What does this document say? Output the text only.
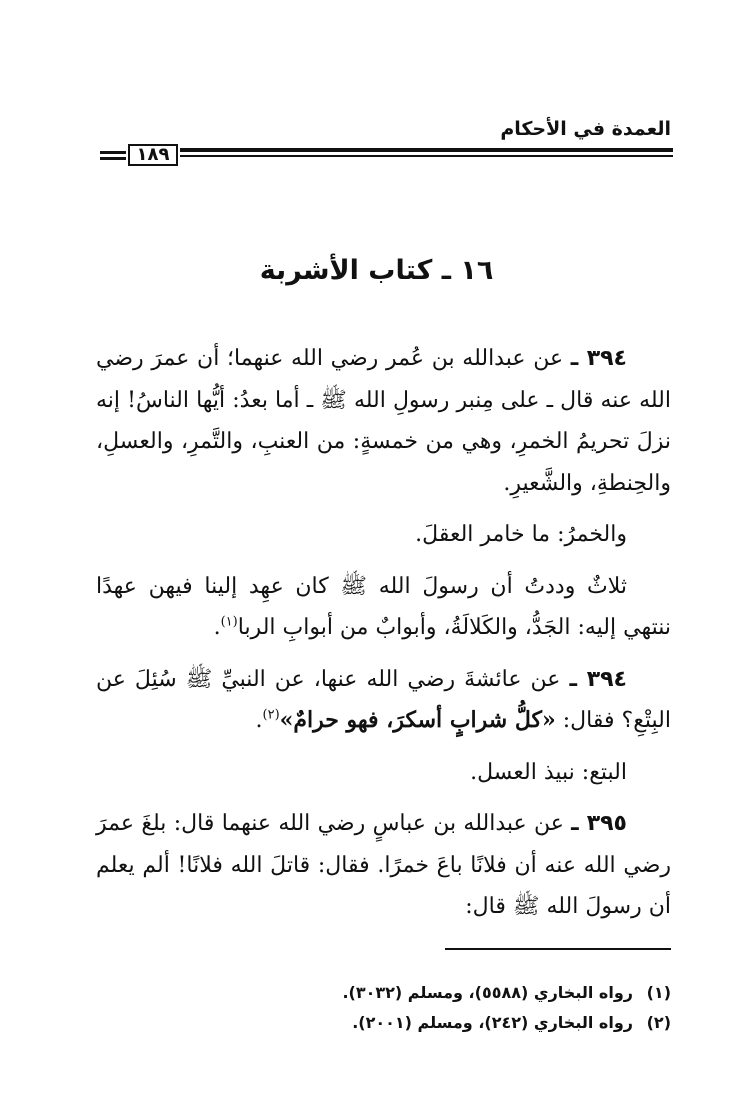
العمدة في الأحكام
١٨٩
١٦ ـ كتاب الأشربة

٣٩٤ ـ عن عبدالله بن عُمر رضي الله عنهما؛ أن عمرَ رضي الله عنه قال ـ على مِنبر رسولِ الله ﷺ ـ أما بعدُ: أيُّها الناسُ! إنه نزلَ تحريمُ الخمرِ، وهي من خمسةٍ: من العنبِ، والتَّمرِ، والعسلِ، والحِنطةِ، والشَّعيرِ.

والخمرُ: ما خامر العقلَ.

ثلاثٌ وددتُ أن رسولَ الله ﷺ كان عهِد إلينا فيهن عهدًا ننتهي إليه: الجَدُّ، والكَلالَةُ، وأبوابٌ من أبوابِ الربا$^{(١)}$.

٣٩٤ ـ عن عائشةَ رضي الله عنها، عن النبيِّ ﷺ سُئِلَ عن البِتْعِ؟ فقال: «كلُّ شرابٍ أسكرَ، فهو حرامٌ»$^{(٢)}$.

البتع: نبيذ العسل.

٣٩٥ ـ عن عبدالله بن عباسٍ رضي الله عنهما قال: بلغَ عمرَ رضي الله عنه أن فلانًا باعَ خمرًا. فقال: قاتلَ الله فلانًا! ألم يعلم أن رسولَ الله ﷺ قال:

(١)رواه البخاري (٥٥٨٨)، ومسلم (٣٠٣٢).

(٢)رواه البخاري (٢٤٢)، ومسلم (٢٠٠١).
